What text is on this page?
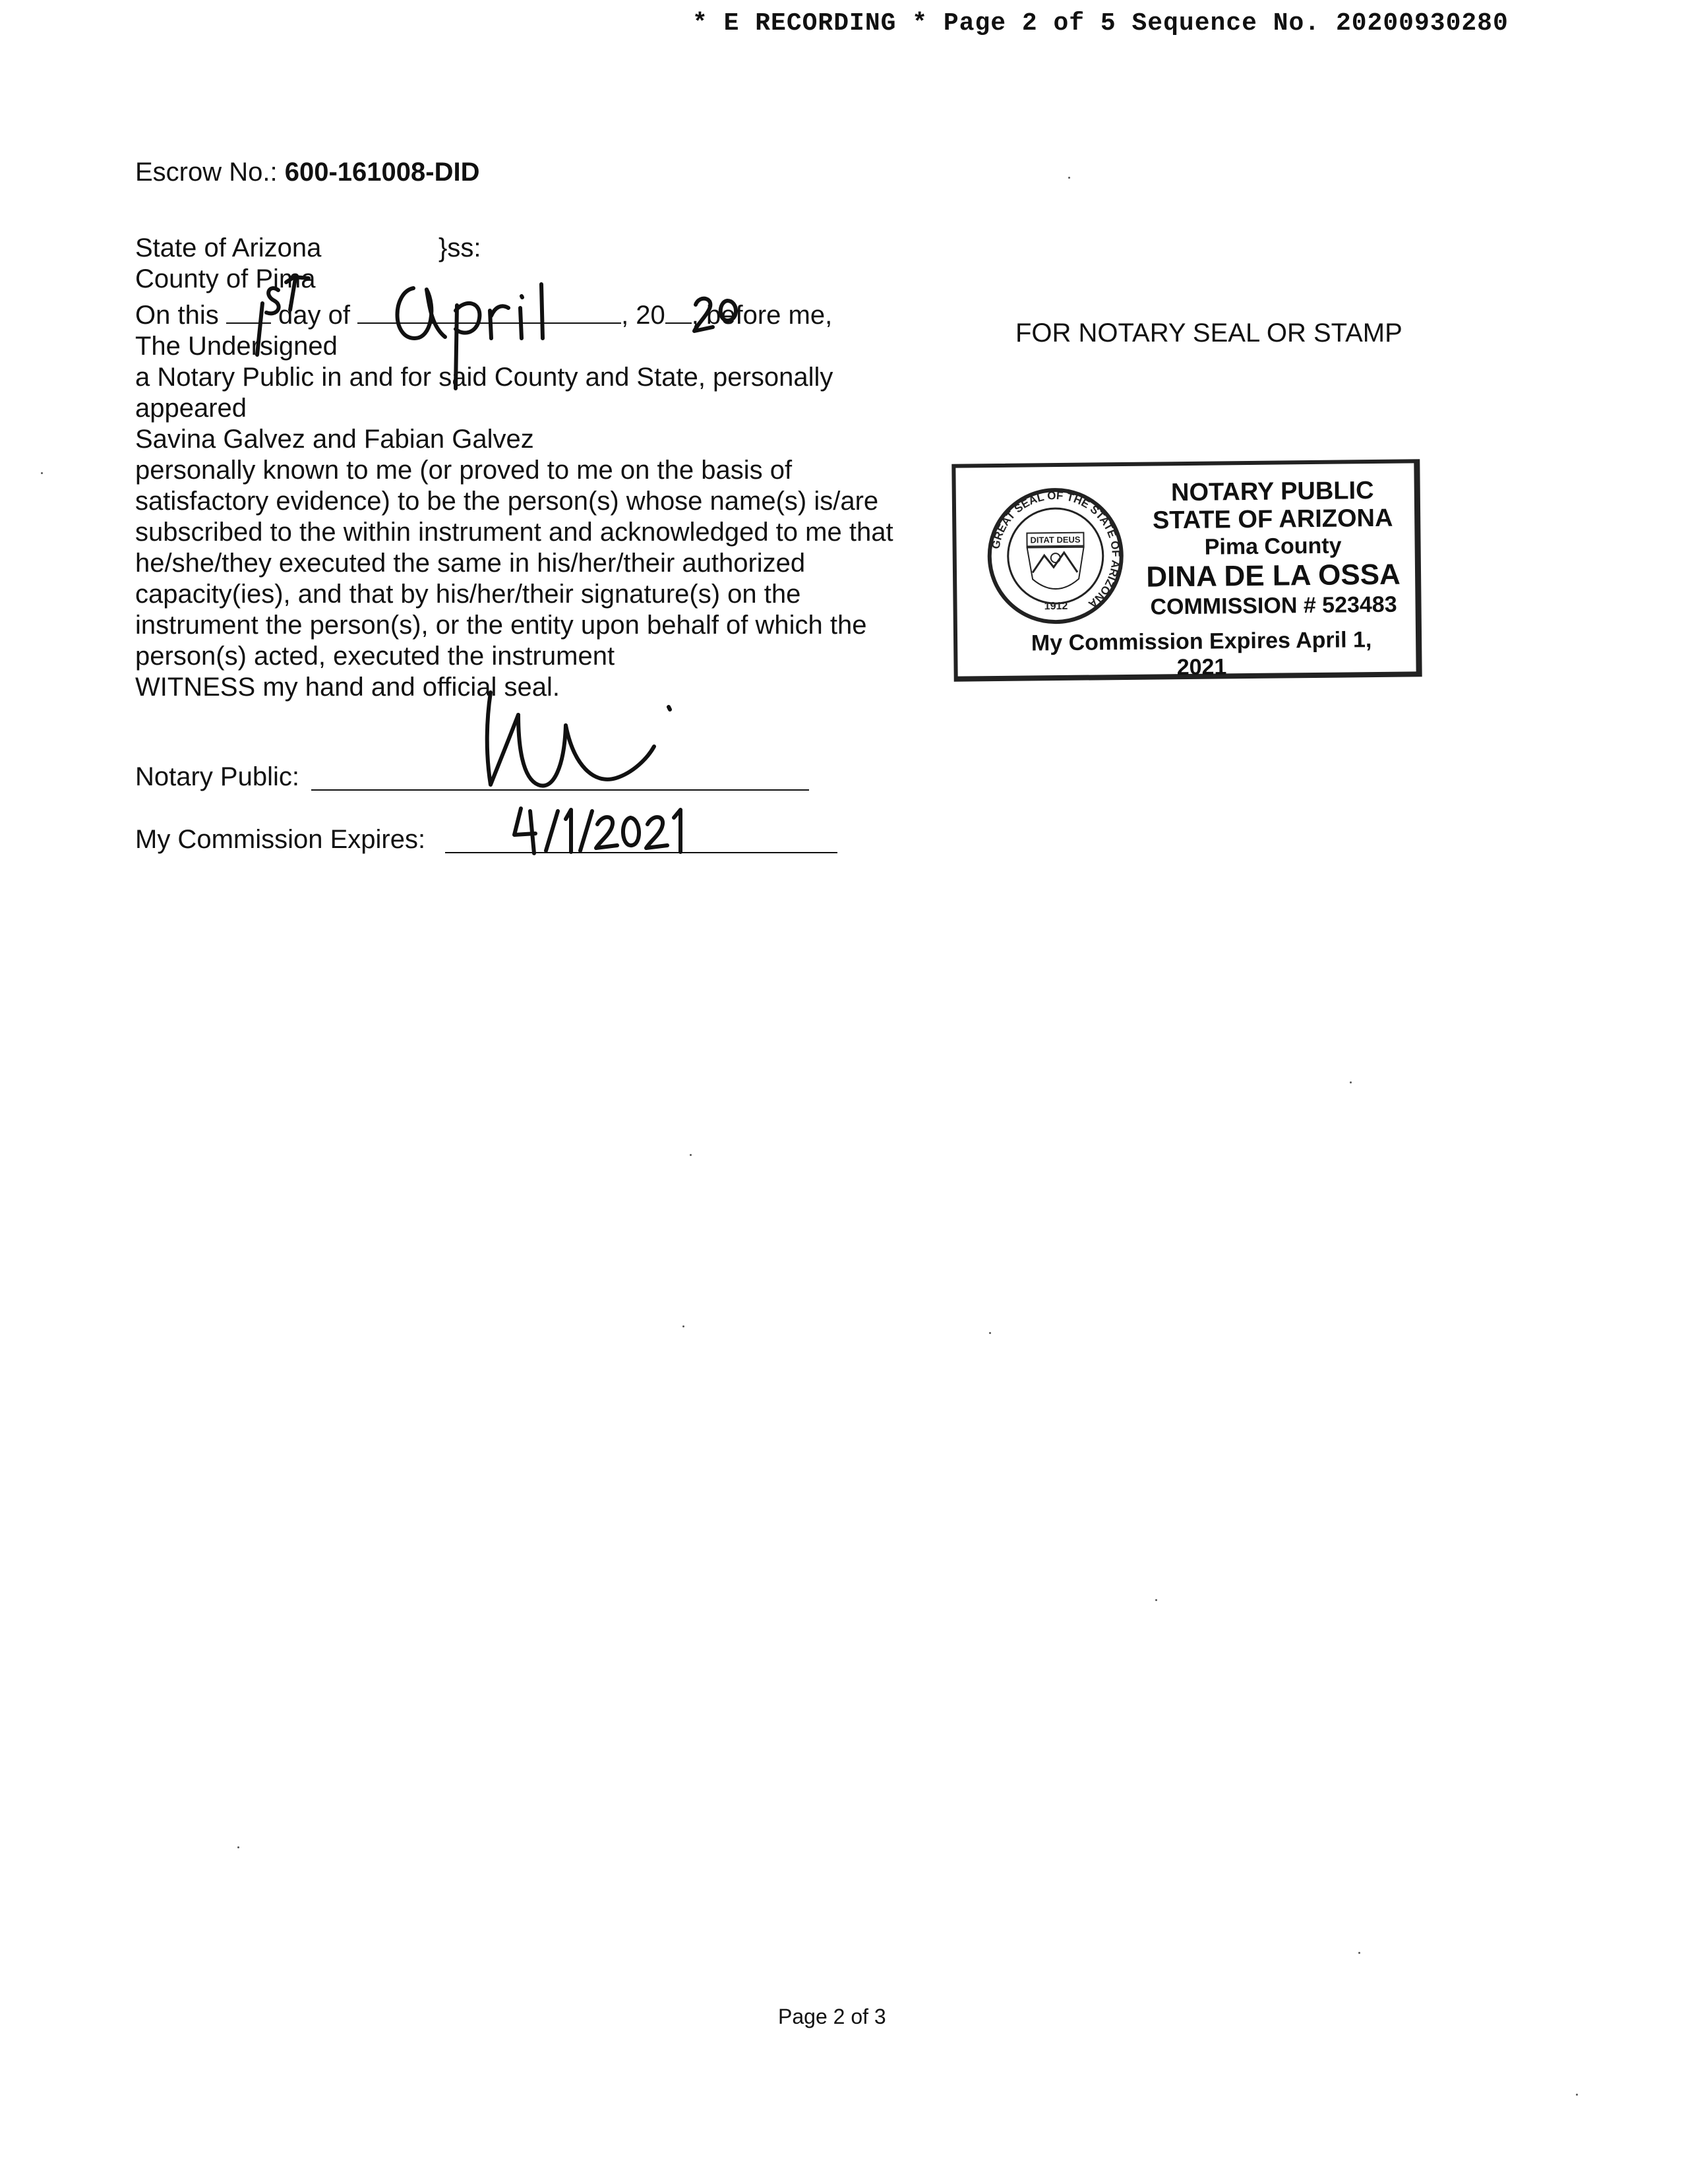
* E RECORDING * Page 2 of 5 Sequence No. 20200930280
Escrow No.: 600-161008-DID
State of Arizona
County of Pima
On this day of	, 20 , before me,
The Undersigned
a Notary Public in and for said County and State, personally
appeared
Savina Galvez and Fabian Galvez
personally known to me (or proved to me on the basis of
satisfactory evidence) to be the person(s) whose name(s) is/are
subscribed to the within instrument and acknowledged to me that
he/she/they executed the same in his/her/their authorized
capacity(ies), and that by his/her/their signature(s) on the
instrument the person(s), or the entity upon behalf of which the
person(s) acted, executed the instrument
WITNESS my hand and official seal.
}ss:
Notary Public:
My Commission Expires:
FOR NOTARY SEAL OR STAMP
GREAT SEAL OF THE STATE OF ARIZONA
DITAT DEUS
1912
NOTARY PUBLIC
STATE OF ARIZONA
Pima County
DINA DE LA OSSA
COMMISSION # 523483
My Commission Expires April 1, 2021
Page 2 of 3
